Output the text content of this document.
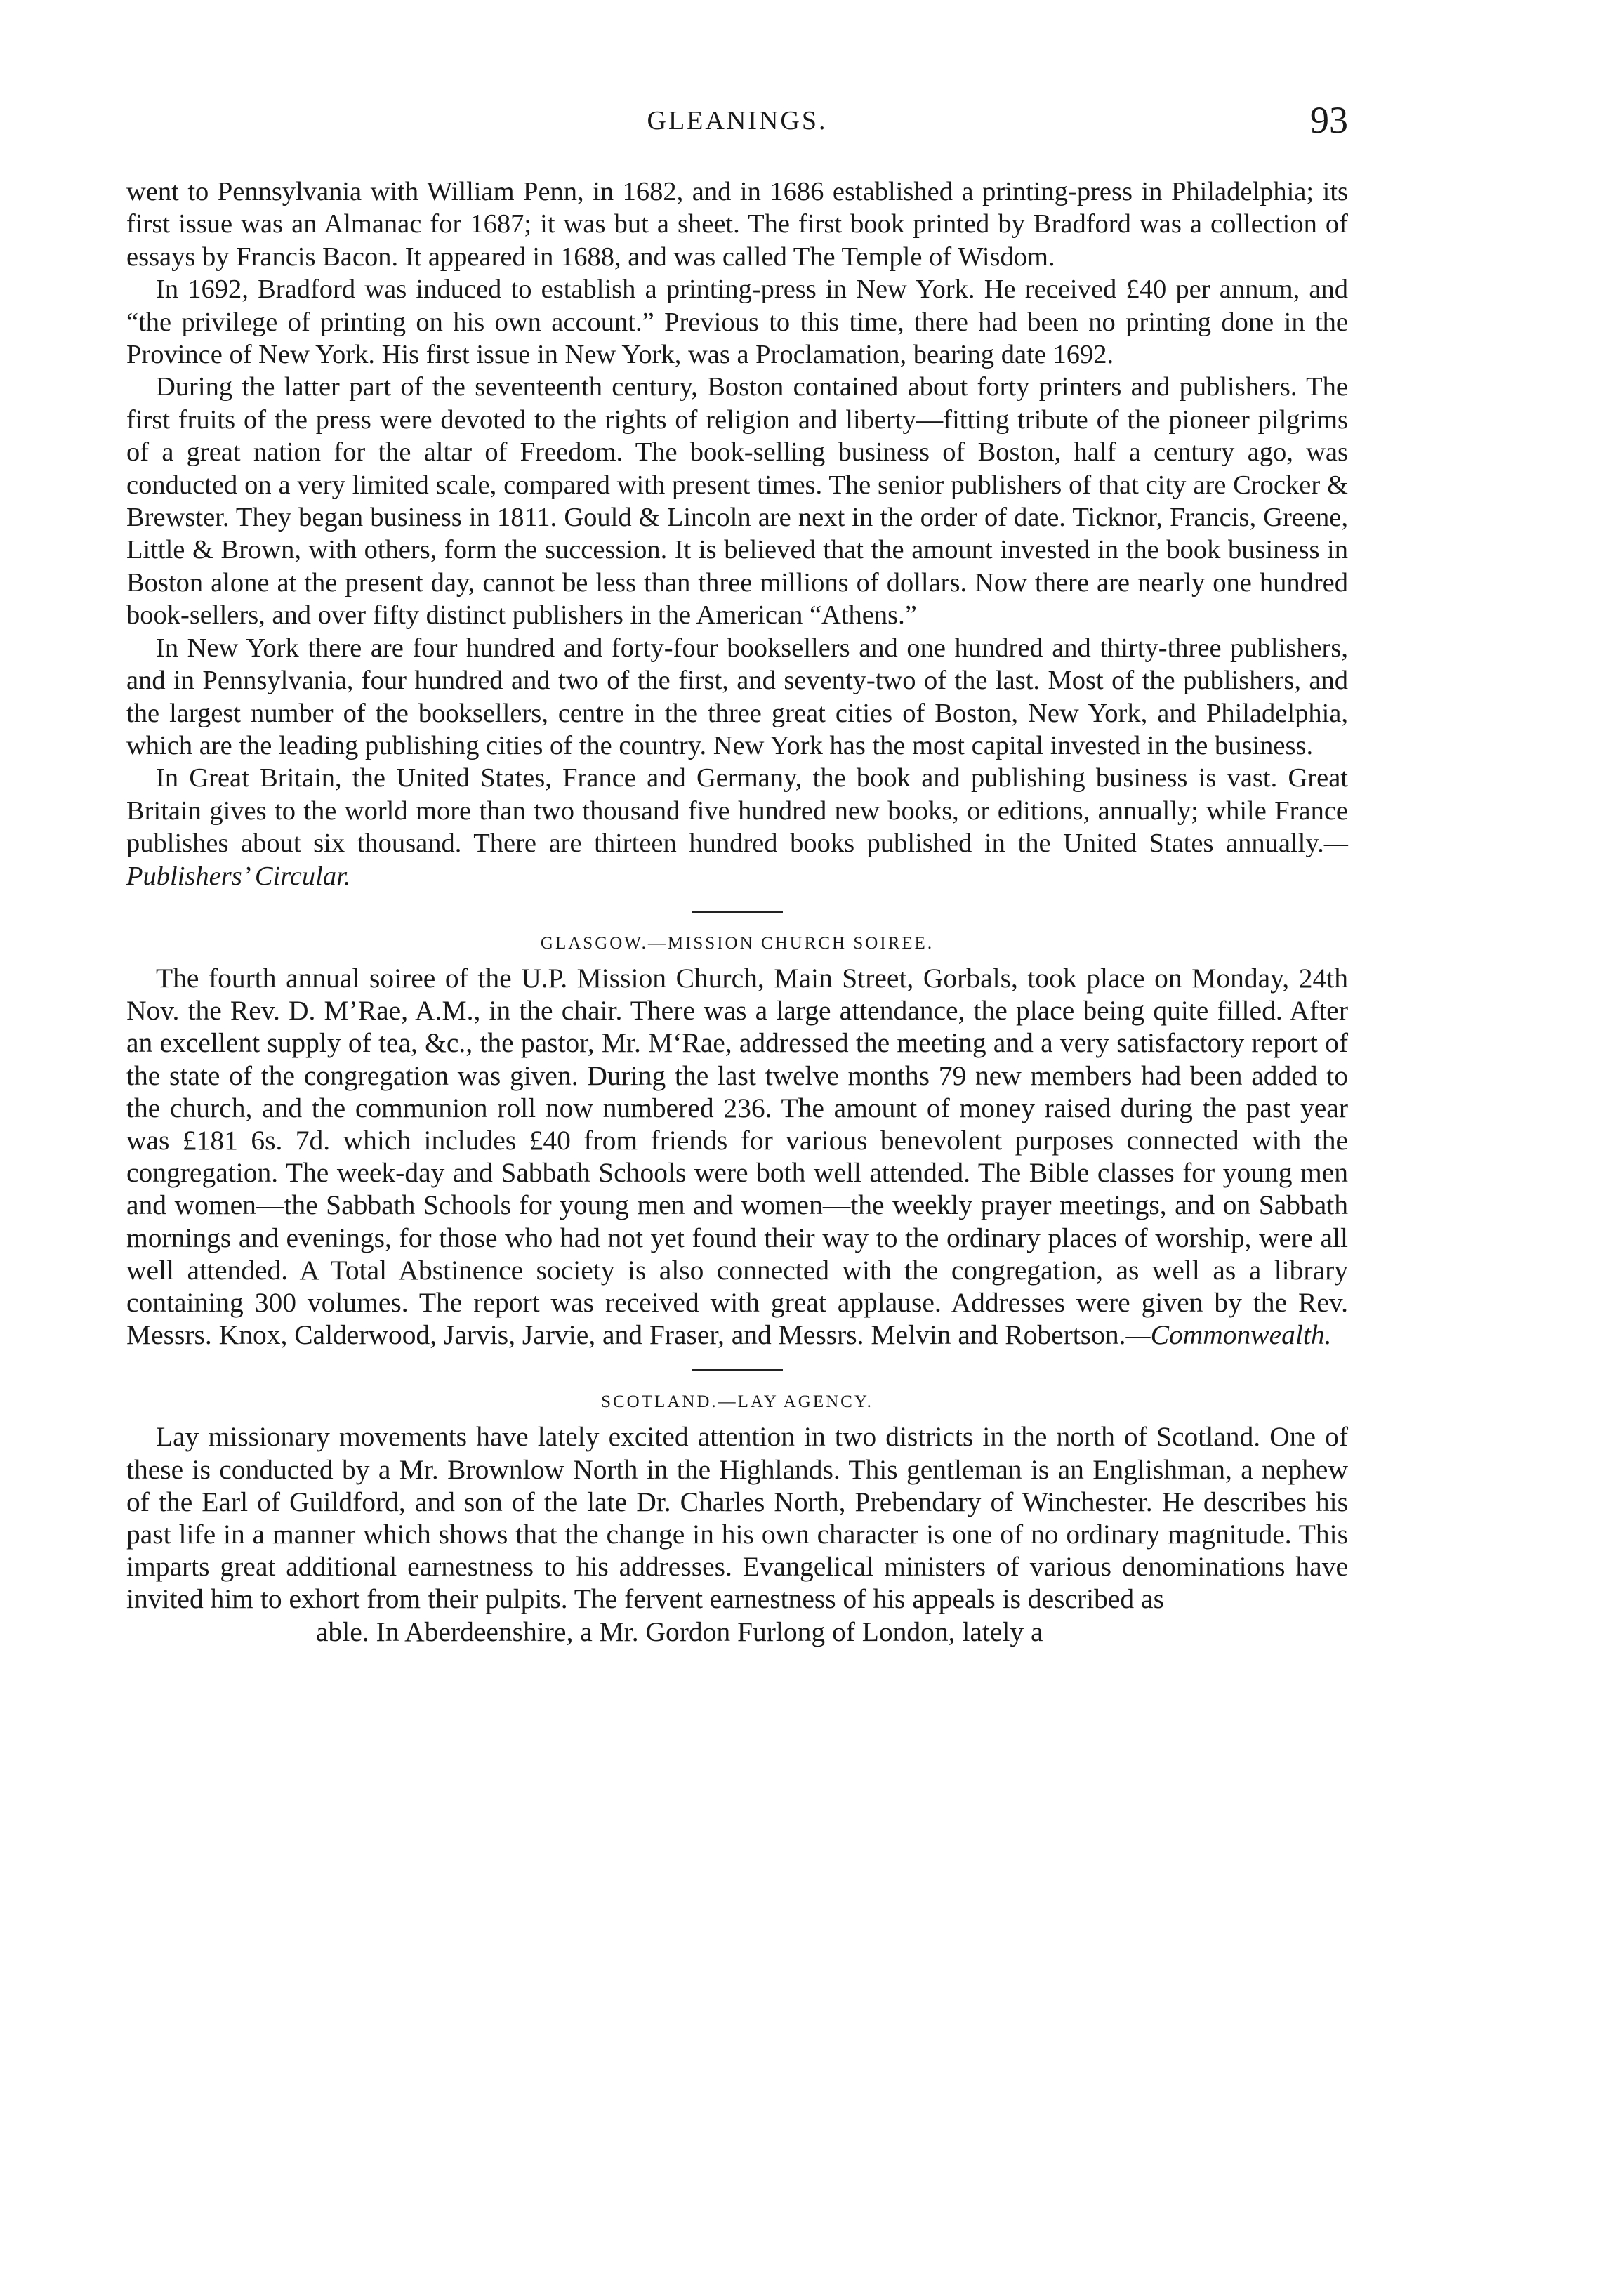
GLEANINGS.	93

went to Pennsylvania with William Penn, in 1682, and in 1686 established a printing-press in Philadelphia; its first issue was an Almanac for 1687; it was but a sheet. The first book printed by Bradford was a collection of essays by Francis Bacon. It appeared in 1688, and was called The Temple of Wisdom.

In 1692, Bradford was induced to establish a printing-press in New York. He received £40 per annum, and “the privilege of printing on his own account.” Previous to this time, there had been no printing done in the Province of New York. His first issue in New York, was a Proclamation, bearing date 1692.

During the latter part of the seventeenth century, Boston contained about forty printers and publishers. The first fruits of the press were devoted to the rights of religion and liberty—fitting tribute of the pioneer pilgrims of a great nation for the altar of Freedom. The book-selling business of Boston, half a century ago, was conducted on a very limited scale, compared with present times. The senior publishers of that city are Crocker & Brewster. They began business in 1811. Gould & Lincoln are next in the order of date. Ticknor, Francis, Greene, Little & Brown, with others, form the succession. It is believed that the amount invested in the book business in Boston alone at the present day, cannot be less than three millions of dollars. Now there are nearly one hundred book-sellers, and over fifty distinct publishers in the American “Athens.”

In New York there are four hundred and forty-four booksellers and one hundred and thirty-three publishers, and in Pennsylvania, four hundred and two of the first, and seventy-two of the last. Most of the publishers, and the largest number of the booksellers, centre in the three great cities of Boston, New York, and Philadelphia, which are the leading publishing cities of the country. New York has the most capital invested in the business.

In Great Britain, the United States, France and Germany, the book and publishing business is vast. Great Britain gives to the world more than two thousand five hundred new books, or editions, annually; while France publishes about six thousand. There are thirteen hundred books published in the United States annually.—Publishers’ Circular.

GLASGOW.—MISSION CHURCH SOIREE.

The fourth annual soiree of the U.P. Mission Church, Main Street, Gorbals, took place on Monday, 24th Nov. the Rev. D. M’Rae, A.M., in the chair. There was a large attendance, the place being quite filled. After an excellent supply of tea, &c., the pastor, Mr. M‘Rae, addressed the meeting and a very satisfactory report of the state of the congregation was given. During the last twelve months 79 new members had been added to the church, and the communion roll now numbered 236. The amount of money raised during the past year was £181 6s. 7d. which includes £40 from friends for various benevolent purposes connected with the congregation. The week-day and Sabbath Schools were both well attended. The Bible classes for young men and women—the Sabbath Schools for young men and women—the weekly prayer meetings, and on Sabbath mornings and evenings, for those who had not yet found their way to the ordinary places of worship, were all well attended. A Total Abstinence society is also connected with the congregation, as well as a library containing 300 volumes. The report was received with great applause. Addresses were given by the Rev. Messrs. Knox, Calderwood, Jarvis, Jarvie, and Fraser, and Messrs. Melvin and Robertson.—Commonwealth.

SCOTLAND.—LAY AGENCY.

Lay missionary movements have lately excited attention in two districts in the north of Scotland. One of these is conducted by a Mr. Brownlow North in the Highlands. This gentleman is an Englishman, a nephew of the Earl of Guildford, and son of the late Dr. Charles North, Prebendary of Winchester. He describes his past life in a manner which shows that the change in his own character is one of no ordinary magnitude. This imparts great additional earnestness to his addresses. Evangelical ministers of various denominations have invited him to exhort from their pulpits. The fervent earnestness of his appeals is described as

able. In Aberdeenshire, a Mr. Gordon Furlong of London, lately a
